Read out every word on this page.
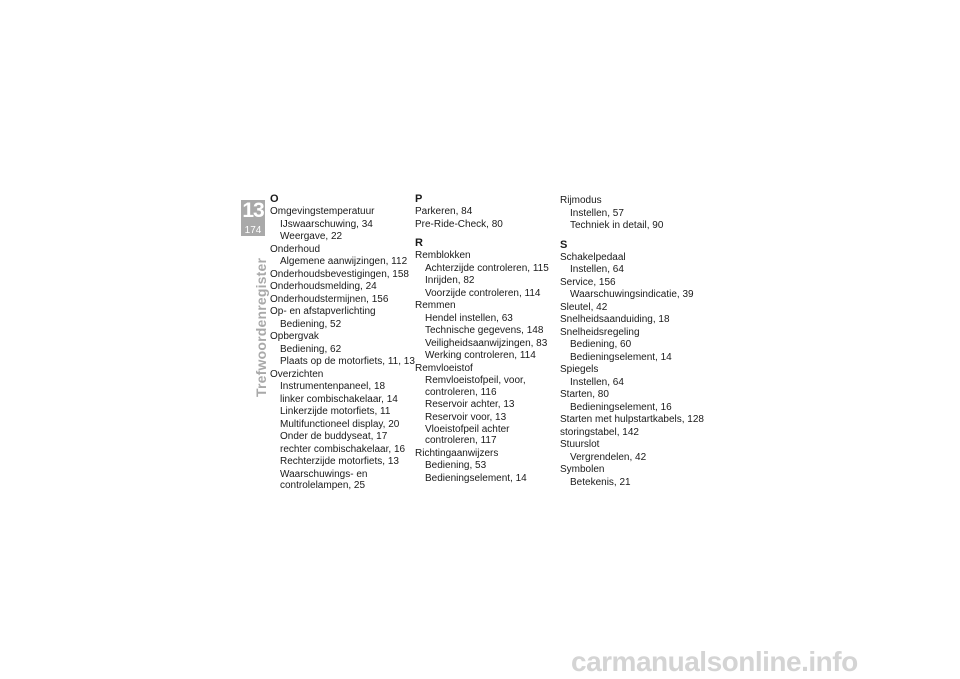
13
174
Trefwoordenregister
O
Omgevingstemperatuur
IJswaarschuwing, 34
Weergave, 22
Onderhoud
Algemene aanwijzingen, 112
Onderhoudsbevestigingen, 158
Onderhoudsmelding, 24
Onderhoudstermijnen, 156
Op- en afstapverlichting
Bediening, 52
Opbergvak
Bediening, 62
Plaats op de motorfiets, 11, 13
Overzichten
Instrumentenpaneel, 18
linker combischakelaar, 14
Linkerzijde motorfiets, 11
Multifunctioneel display, 20
Onder de buddyseat, 17
rechter combischakelaar, 16
Rechterzijde motorfiets, 13
Waarschuwings- en controlelampen, 25
P
Parkeren, 84
Pre-Ride-Check, 80
R
Remblokken
Achterzijde controleren, 115
Inrijden, 82
Voorzijde controleren, 114
Remmen
Hendel instellen, 63
Technische gegevens, 148
Veiligheidsaanwijzingen, 83
Werking controleren, 114
Remvloeistof
Remvloeistofpeil, voor, controleren, 116
Reservoir achter, 13
Reservoir voor, 13
Vloeistofpeil achter controleren, 117
Richtingaanwijzers
Bediening, 53
Bedieningselement, 14
Rijmodus
Instellen, 57
Techniek in detail, 90
S
Schakelpedaal
Instellen, 64
Service, 156
Waarschuwingsindicatie, 39
Sleutel, 42
Snelheidsaanduiding, 18
Snelheidsregeling
Bediening, 60
Bedieningselement, 14
Spiegels
Instellen, 64
Starten, 80
Bedieningselement, 16
Starten met hulpstartkabels, 128
storingstabel, 142
Stuurslot
Vergrendelen, 42
Symbolen
Betekenis, 21
carmanualsonline.info
